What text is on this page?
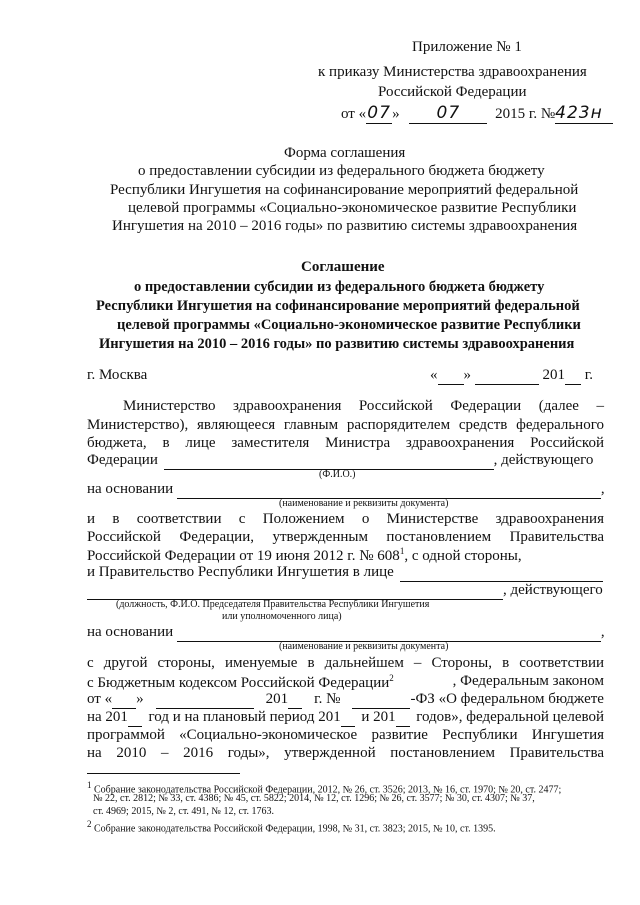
Приложение № 1
к приказу Министерства здравоохранения
Российской Федерации
от «07» 07 2015 г. №423н
Форма соглашения
о предоставлении субсидии из федерального бюджета бюджету
Республики Ингушетия на софинансирование мероприятий федеральной
целевой программы «Социально-экономическое развитие Республики
Ингушетия на 2010 – 2016 годы» по развитию системы здравоохранения
Соглашение
о предоставлении субсидии из федерального бюджета бюджету
Республики Ингушетия на софинансирование мероприятий федеральной
целевой программы «Социально-экономическое развитие Республики
Ингушетия на 2010 – 2016 годы» по развитию системы здравоохранения
г. Москва	« »	201 г.
Министерство здравоохранения Российской Федерации (далее –
Министерство), являющееся главным распорядителем средств федерального
бюджета, в лице заместителя Министра здравоохранения Российской
Федерации	, действующего
(Ф.И.О.)
на основании	,
(наименование и реквизиты документа)
и в соответствии с Положением о Министерстве здравоохранения
Российской Федерации, утвержденным постановлением Правительства
Российской Федерации от 19 июня 2012 г. № $608^1$, с одной стороны,
и Правительство Республики Ингушетия в лице
, действующего
(должность, Ф.И.О. Председателя Правительства Республики Ингушетия
или уполномоченного лица)
на основании	,
(наименование и реквизиты документа)
с другой стороны, именуемые в дальнейшем – Стороны, в соответствии
с Бюджетным кодексом Российской Федерации$^2$	, Федеральным законом
от « »
	201	г. №	-ФЗ «О федеральном бюджете
на 201	год и на плановый период 201	и 201	годов», федеральной целевой
программой «Социально-экономическое развитие Республики Ингушетия
на 2010 – 2016 годы», утвержденной постановлением Правительства
$^1$ Собрание законодательства Российской Федерации, 2012, № 26, ст. 3526; 2013, № 16, ст. 1970; № 20, ст. 2477;
№ 22, ст. 2812; № 33, ст. 4386; № 45, ст. 5822; 2014, № 12, ст. 1296; № 26, ст. 3577; № 30, ст. 4307; № 37,
ст. 4969; 2015, № 2, ст. 491, № 12, ст. 1763.
$^2$ Собрание законодательства Российской Федерации, 1998, № 31, ст. 3823; 2015, № 10, ст. 1395.
